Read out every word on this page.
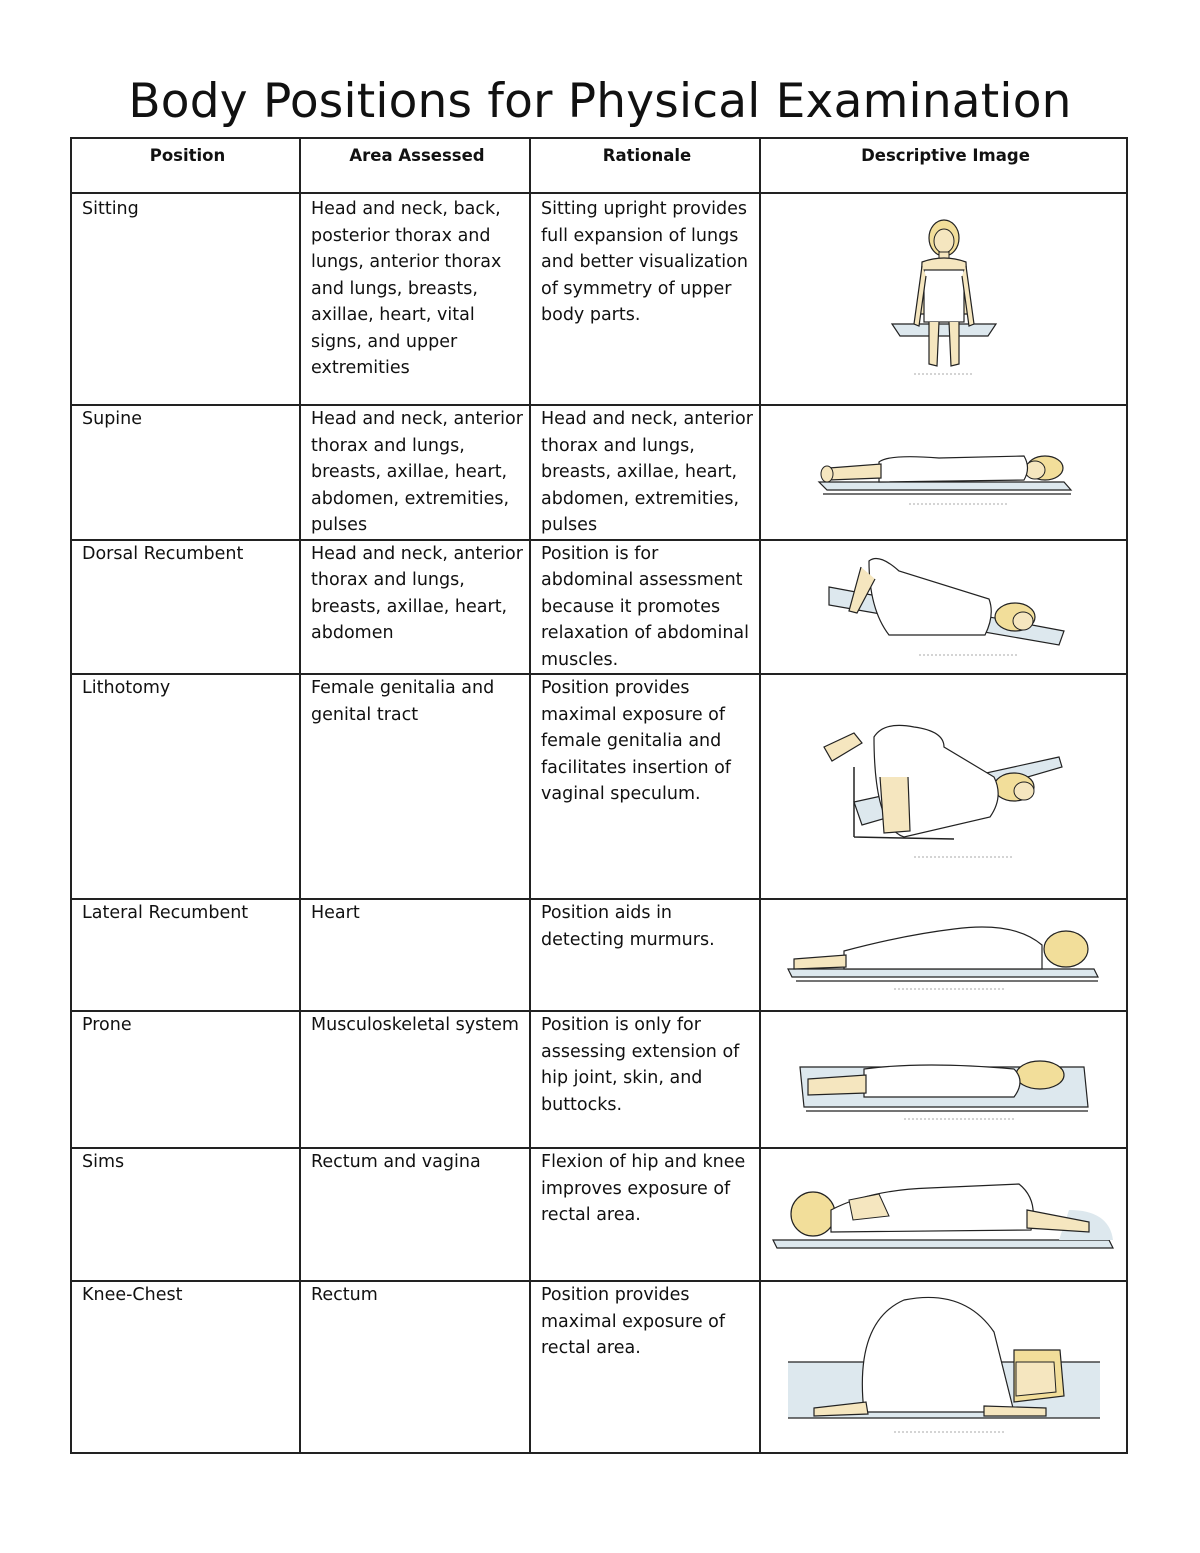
Body Positions for Physical Examination
Position	Area Assessed	Rationale	Descriptive Image
Sitting	Head and neck, back, posterior thorax and lungs, anterior thorax and lungs, breasts, axillae, heart, vital signs, and upper extremities	Sitting upright provides full expansion of lungs and better visualization of symmetry of upper body parts.	

Supine	Head and neck, anterior thorax and lungs, breasts, axillae, heart, abdomen, extremities, pulses	Head and neck, anterior thorax and lungs, breasts, axillae, heart, abdomen, extremities, pulses	

Dorsal Recumbent	Head and neck, anterior thorax and lungs, breasts, axillae, heart, abdomen	Position is for abdominal assessment because it promotes relaxation of abdominal muscles.	

Lithotomy	Female genitalia and genital tract	Position provides maximal exposure of female genitalia and facilitates insertion of vaginal speculum.	

Lateral Recumbent	Heart	Position aids in detecting murmurs.	

Prone	Musculoskeletal system	Position is only for assessing extension of hip joint, skin, and buttocks.	

Sims	Rectum and vagina	Flexion of hip and knee improves exposure of rectal area.	

Knee-Chest	Rectum	Position provides maximal exposure of rectal area.	
